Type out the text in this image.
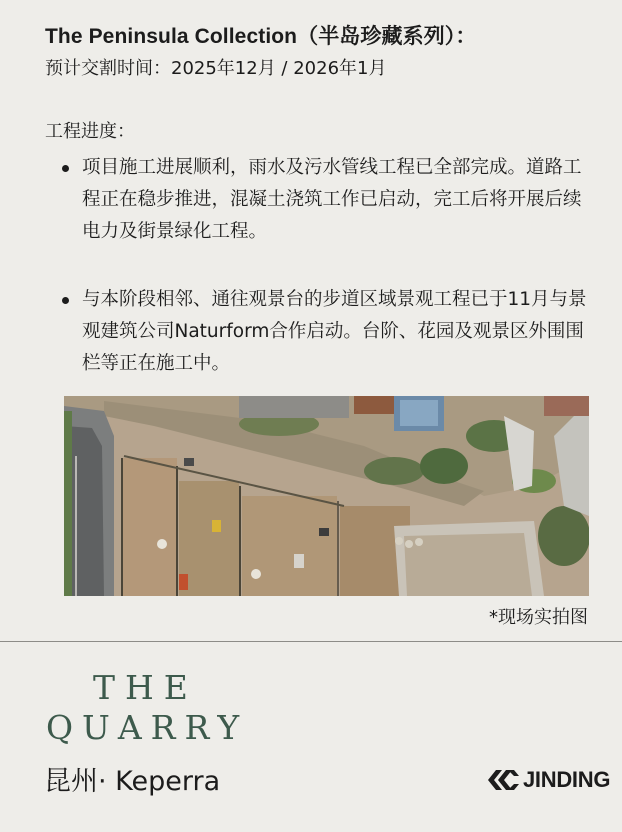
The Peninsula Collection（半岛珍藏系列）：
预计交割时间：2025年12月 / 2026年1月
工程进度：
项目施工进展顺利，雨水及污水管线工程已全部完成。道路工程正在稳步推进，混凝土浇筑工作已启动，完工后将开展后续电力及街景绿化工程。
与本阶段相邻、通往观景台的步道区域景观工程已于11月与景观建筑公司Naturform合作启动。台阶、花园及观景区外围围栏等正在施工中。
*现场实拍图
THE
QUARRY
昆州· Keperra	JINDING
